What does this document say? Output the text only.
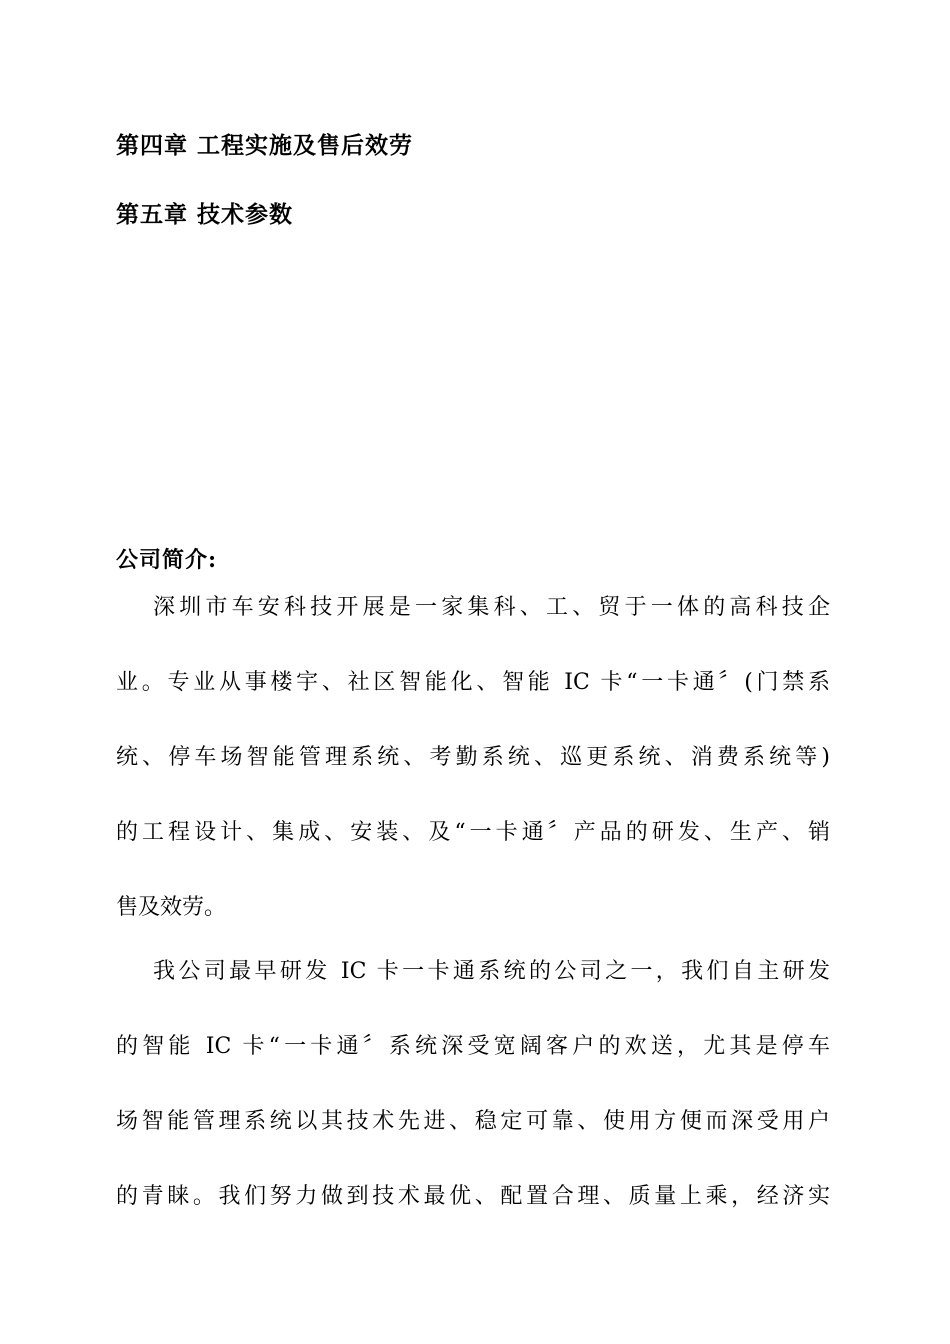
第四章 工程实施及售后效劳
第五章 技术参数
公司简介:
深圳市车安科技开展是一家集科、工、贸于一体的高科技企
业。专业从事楼宇、社区智能化、智能 IC 卡“一卡通〞(门禁系
统、停车场智能管理系统、考勤系统、巡更系统、消费系统等)
的工程设计、集成、安装、及“一卡通〞产品的研发、生产、销
售及效劳。
我公司最早研发 IC 卡一卡通系统的公司之一，我们自主研发
的智能 IC 卡“一卡通〞系统深受宽阔客户的欢送，尤其是停车
场智能管理系统以其技术先进、稳定可靠、使用方便而深受用户
的青睐。我们努力做到技术最优、配置合理、质量上乘，经济实
